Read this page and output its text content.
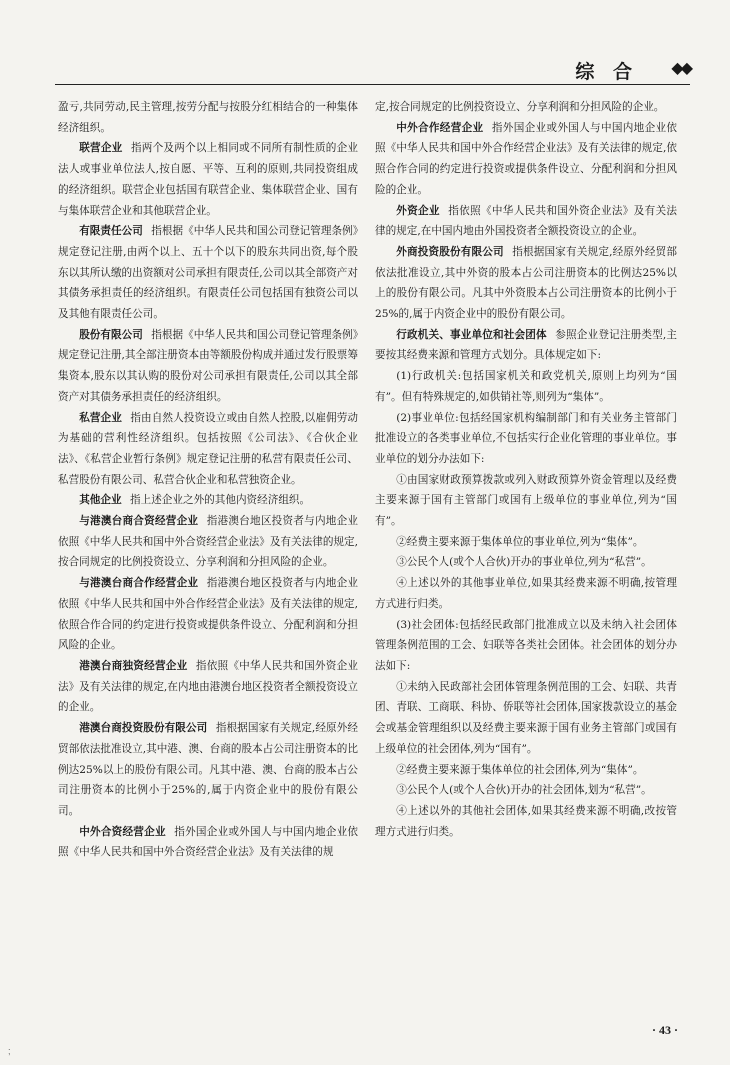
综 合 ◆◆

盈亏,共同劳动,民主管理,按劳分配与按股分红相结合的一种集体经济组织。

联营企业 指两个及两个以上相同或不同所有制性质的企业法人或事业单位法人,按自愿、平等、互利的原则,共同投资组成的经济组织。联营企业包括国有联营企业、集体联营企业、国有与集体联营企业和其他联营企业。

有限责任公司 指根据《中华人民共和国公司登记管理条例》规定登记注册,由两个以上、五十个以下的股东共同出资,每个股东以其所认缴的出资额对公司承担有限责任,公司以其全部资产对其债务承担责任的经济组织。有限责任公司包括国有独资公司以及其他有限责任公司。

股份有限公司 指根据《中华人民共和国公司登记管理条例》规定登记注册,其全部注册资本由等额股份构成并通过发行股票筹集资本,股东以其认购的股份对公司承担有限责任,公司以其全部资产对其债务承担责任的经济组织。

私营企业 指由自然人投资设立或由自然人控股,以雇佣劳动为基础的营利性经济组织。包括按照《公司法》、《合伙企业法》、《私营企业暂行条例》规定登记注册的私营有限责任公司、私营股份有限公司、私营合伙企业和私营独资企业。

其他企业 指上述企业之外的其他内资经济组织。

与港澳台商合资经营企业 指港澳台地区投资者与内地企业依照《中华人民共和国中外合资经营企业法》及有关法律的规定,按合同规定的比例投资设立、分享利润和分担风险的企业。

与港澳台商合作经营企业 指港澳台地区投资者与内地企业依照《中华人民共和国中外合作经营企业法》及有关法律的规定,依照合作合同的约定进行投资或提供条件设立、分配利润和分担风险的企业。

港澳台商独资经营企业 指依照《中华人民共和国外资企业法》及有关法律的规定,在内地由港澳台地区投资者全额投资设立的企业。

港澳台商投资股份有限公司 指根据国家有关规定,经原外经贸部依法批准设立,其中港、澳、台商的股本占公司注册资本的比例达25%以上的股份有限公司。凡其中港、澳、台商的股本占公司注册资本的比例小于25%的,属于内资企业中的股份有限公司。

中外合资经营企业 指外国企业或外国人与中国内地企业依照《中华人民共和国中外合资经营企业法》及有关法律的规

定,按合同规定的比例投资设立、分享利润和分担风险的企业。

中外合作经营企业 指外国企业或外国人与中国内地企业依照《中华人民共和国中外合作经营企业法》及有关法律的规定,依照合作合同的约定进行投资或提供条件设立、分配利润和分担风险的企业。

外资企业 指依照《中华人民共和国外资企业法》及有关法律的规定,在中国内地由外国投资者全额投资设立的企业。

外商投资股份有限公司 指根据国家有关规定,经原外经贸部依法批准设立,其中外资的股本占公司注册资本的比例达25%以上的股份有限公司。凡其中外资股本占公司注册资本的比例小于25%的,属于内资企业中的股份有限公司。

行政机关、事业单位和社会团体 参照企业登记注册类型,主要按其经费来源和管理方式划分。具体规定如下:

(1)行政机关:包括国家机关和政党机关,原则上均列为“国有”。但有特殊规定的,如供销社等,则列为“集体”。

(2)事业单位:包括经国家机构编制部门和有关业务主管部门批准设立的各类事业单位,不包括实行企业化管理的事业单位。事业单位的划分办法如下:

①由国家财政预算拨款或列入财政预算外资金管理以及经费主要来源于国有主管部门或国有上级单位的事业单位,列为“国有”。

②经费主要来源于集体单位的事业单位,列为“集体”。

③公民个人(或个人合伙)开办的事业单位,列为“私营”。

④上述以外的其他事业单位,如果其经费来源不明确,按管理方式进行归类。

(3)社会团体:包括经民政部门批准成立以及未纳入社会团体管理条例范围的工会、妇联等各类社会团体。社会团体的划分办法如下:

①未纳入民政部社会团体管理条例范围的工会、妇联、共青团、青联、工商联、科协、侨联等社会团体,国家拨款设立的基金会或基金管理组织以及经费主要来源于国有业务主管部门或国有上级单位的社会团体,列为“国有”。

②经费主要来源于集体单位的社会团体,列为“集体”。

③公民个人(或个人合伙)开办的社会团体,划为“私营”。

④上述以外的其他社会团体,如果其经费来源不明确,改按管理方式进行归类。

· 43 ·
;
